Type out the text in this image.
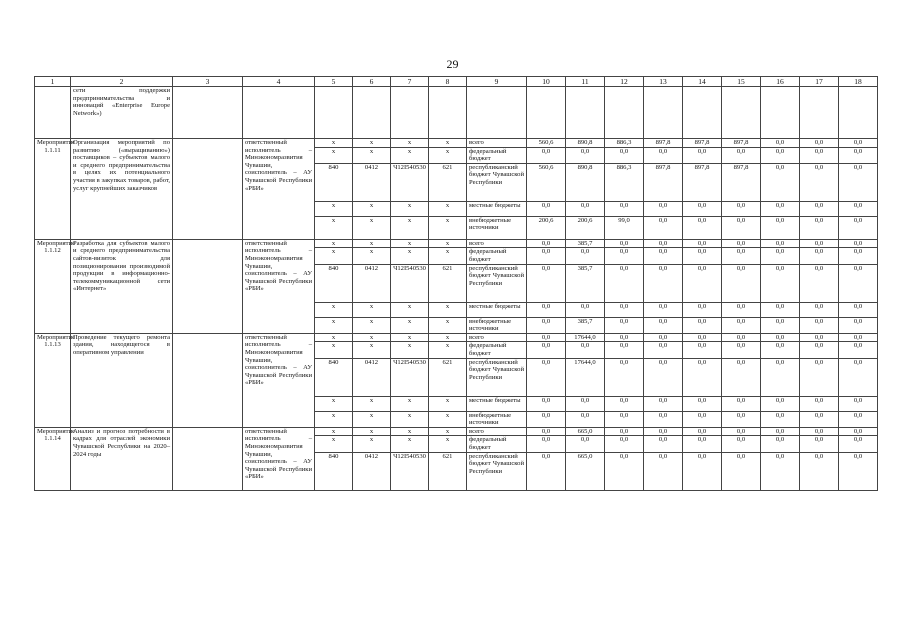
29
1	2	3	4	5	6	7	8	9	10	11	12	13	14	15	16	17	18
	сети поддержки предпринимательства и инноваций «Enterprise Europe Network»)																
Мероприятие 1.1.11	Организация мероприятий по развитию («выращиванию») поставщиков – субъектов малого и среднего предпринимательства в целях их потенциального участия в закупках товаров, работ, услуг крупнейших заказчиков		ответственный исполнитель – Минэкономразвития Чувашии, соисполнитель – АУ Чувашской Республики «РБИ»	х	х	х	х	всего	560,6	890,8	886,3	897,8	897,8	897,8	0,0	0,0	0,0
				х	х	х	х	федеральный бюджет	0,0	0,0	0,0	0,0	0,0	0,0	0,0	0,0	0,0
				840	0412	Ч12I540530	621	республиканский бюджет Чувашской Республики	560,6	890,8	886,3	897,8	897,8	897,8	0,0	0,0	0,0
				х	х	х	х	местные бюджеты	0,0	0,0	0,0	0,0	0,0	0,0	0,0	0,0	0,0
				х	х	х	х	внебюджетные источники	200,6	200,6	99,0	0,0	0,0	0,0	0,0	0,0	0,0
Мероприятие 1.1.12	Разработка для субъектов малого и среднего предпринимательства сайтов-визиток для позиционирования производимой продукции в информационно-телекоммуникационной сети «Интернет»		ответственный исполнитель – Минэкономразвития Чувашии, соисполнитель – АУ Чувашской Республики «РБИ»	х	х	х	х	всего	0,0	385,7	0,0	0,0	0,0	0,0	0,0	0,0	0,0
				х	х	х	х	федеральный бюджет	0,0	0,0	0,0	0,0	0,0	0,0	0,0	0,0	0,0
				840	0412	Ч12I540530	621	республиканский бюджет Чувашской Республики	0,0	385,7	0,0	0,0	0,0	0,0	0,0	0,0	0,0
				х	х	х	х	местные бюджеты	0,0	0,0	0,0	0,0	0,0	0,0	0,0	0,0	0,0
				х	х	х	х	внебюджетные источники	0,0	385,7	0,0	0,0	0,0	0,0	0,0	0,0	0,0
Мероприятие 1.1.13	Проведение текущего ремонта здания, находящегося в оперативном управлении		ответственный исполнитель – Минэкономразвития Чувашии, соисполнитель – АУ Чувашской Республики «РБИ»	х	х	х	х	всего	0,0	17644,0	0,0	0,0	0,0	0,0	0,0	0,0	0,0
				х	х	х	х	федеральный бюджет	0,0	0,0	0,0	0,0	0,0	0,0	0,0	0,0	0,0
				840	0412	Ч12I540530	621	республиканский бюджет Чувашской Республики	0,0	17644,0	0,0	0,0	0,0	0,0	0,0	0,0	0,0
				х	х	х	х	местные бюджеты	0,0	0,0	0,0	0,0	0,0	0,0	0,0	0,0	0,0
				х	х	х	х	внебюджетные источники	0,0	0,0	0,0	0,0	0,0	0,0	0,0	0,0	0,0
Мероприятие 1.1.14	Анализ и прогноз потребности в кадрах для отраслей экономики Чувашской Республики на 2020–2024 годы		ответственный исполнитель – Минэкономразвития Чувашии, соисполнитель – АУ Чувашской Республики «РБИ»	х	х	х	х	всего	0,0	665,0	0,0	0,0	0,0	0,0	0,0	0,0	0,0
				х	х	х	х	федеральный бюджет	0,0	0,0	0,0	0,0	0,0	0,0	0,0	0,0	0,0
				840	0412	Ч12I540530	621	республиканский бюджет Чувашской Республики	0,0	665,0	0,0	0,0	0,0	0,0	0,0	0,0	0,0
